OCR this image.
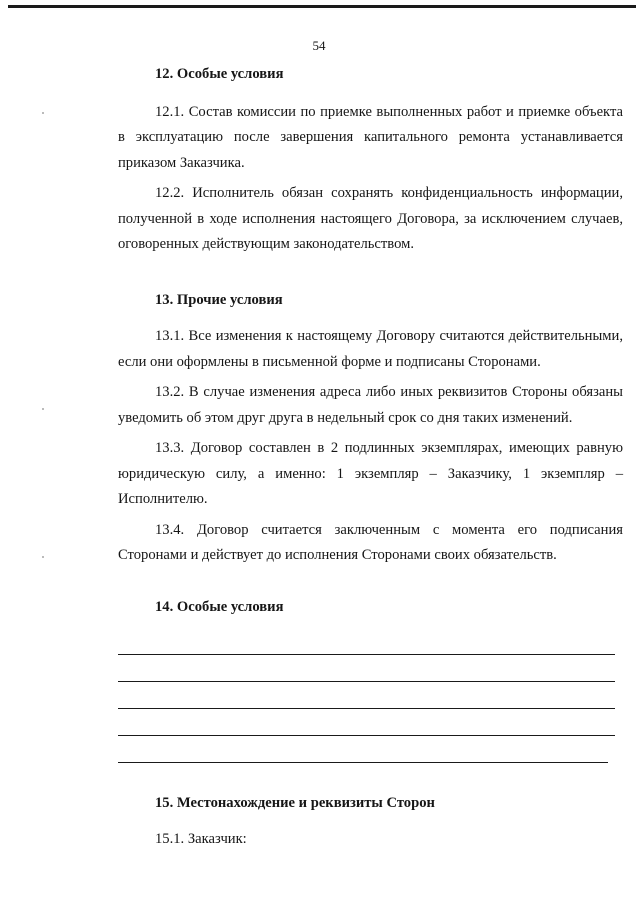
54

12. Особые условия

12.1. Состав комиссии по приемке выполненных работ и приемке объекта в эксплуатацию после завершения капитального ремонта устанавливается приказом Заказчика.

12.2. Исполнитель обязан сохранять конфиденциальность информации, полученной в ходе исполнения настоящего Договора, за исключением случаев, оговоренных действующим законодательством.

13. Прочие условия

13.1. Все изменения к настоящему Договору считаются действительными, если они оформлены в письменной форме и подписаны Сторонами.

13.2. В случае изменения адреса либо иных реквизитов Стороны обязаны уведомить об этом друг друга в недельный срок со дня таких изменений.

13.3. Договор составлен в 2 подлинных экземплярах, имеющих равную юридическую силу, а именно: 1 экземпляр – Заказчику, 1 экземпляр – Исполнителю.

13.4. Договор считается заключенным с момента его подписания Сторонами и действует до исполнения Сторонами своих обязательств.

14. Особые условия

15. Местонахождение и реквизиты Сторон

15.1. Заказчик:
